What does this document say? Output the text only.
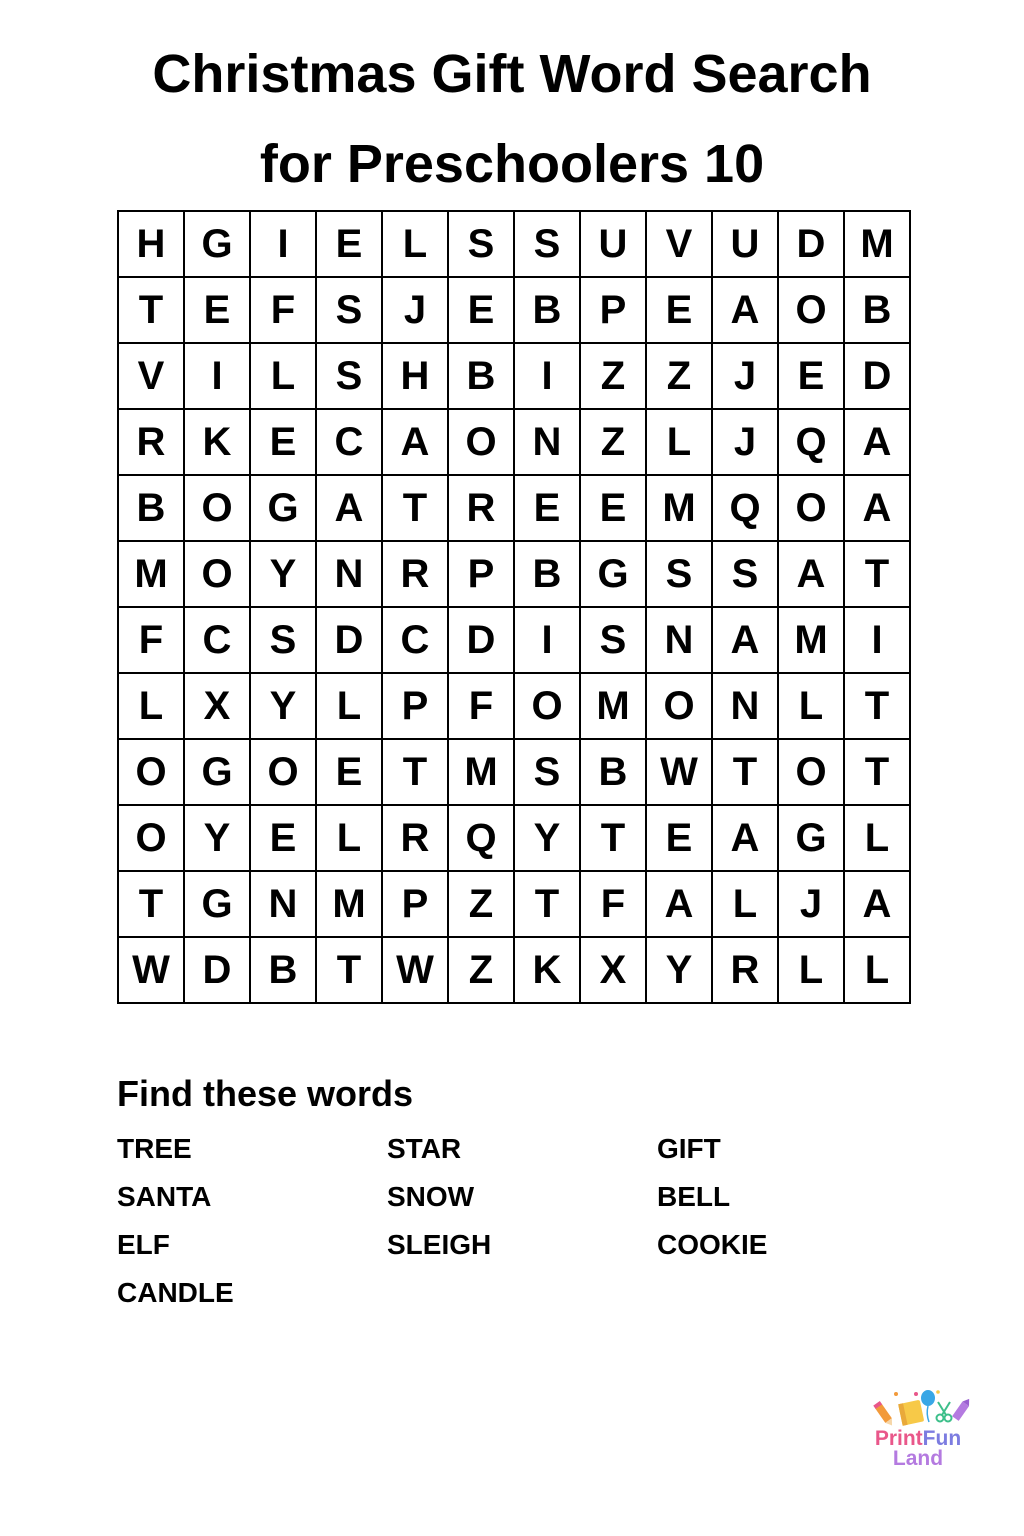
Christmas Gift Word Search
for Preschoolers 10
H G	I	E	L	S S U V U D M
T	E	F	S	J	E B P E A O B
V	I	L	S H B	I	Z	Z	J	E D
R K E C A O N Z	L	J Q A
B O G A T R E E M Q O A
M O Y N R P B G S S A T
F C S D C D	I	S N A M	I
L	X Y	L	P	F O M O N L	T
O G O E	T M S B W T O T
O Y E	L R Q Y	T	E A G L
T G N M P	Z	T	F A L	J	A
W D B T W Z K X Y R L	L
Find these words
TREE	STAR	GIFT
SANTA	SNOW	BELL
ELF	SLEIGH	COOKIE
CANDLE
PrintFun
Land
